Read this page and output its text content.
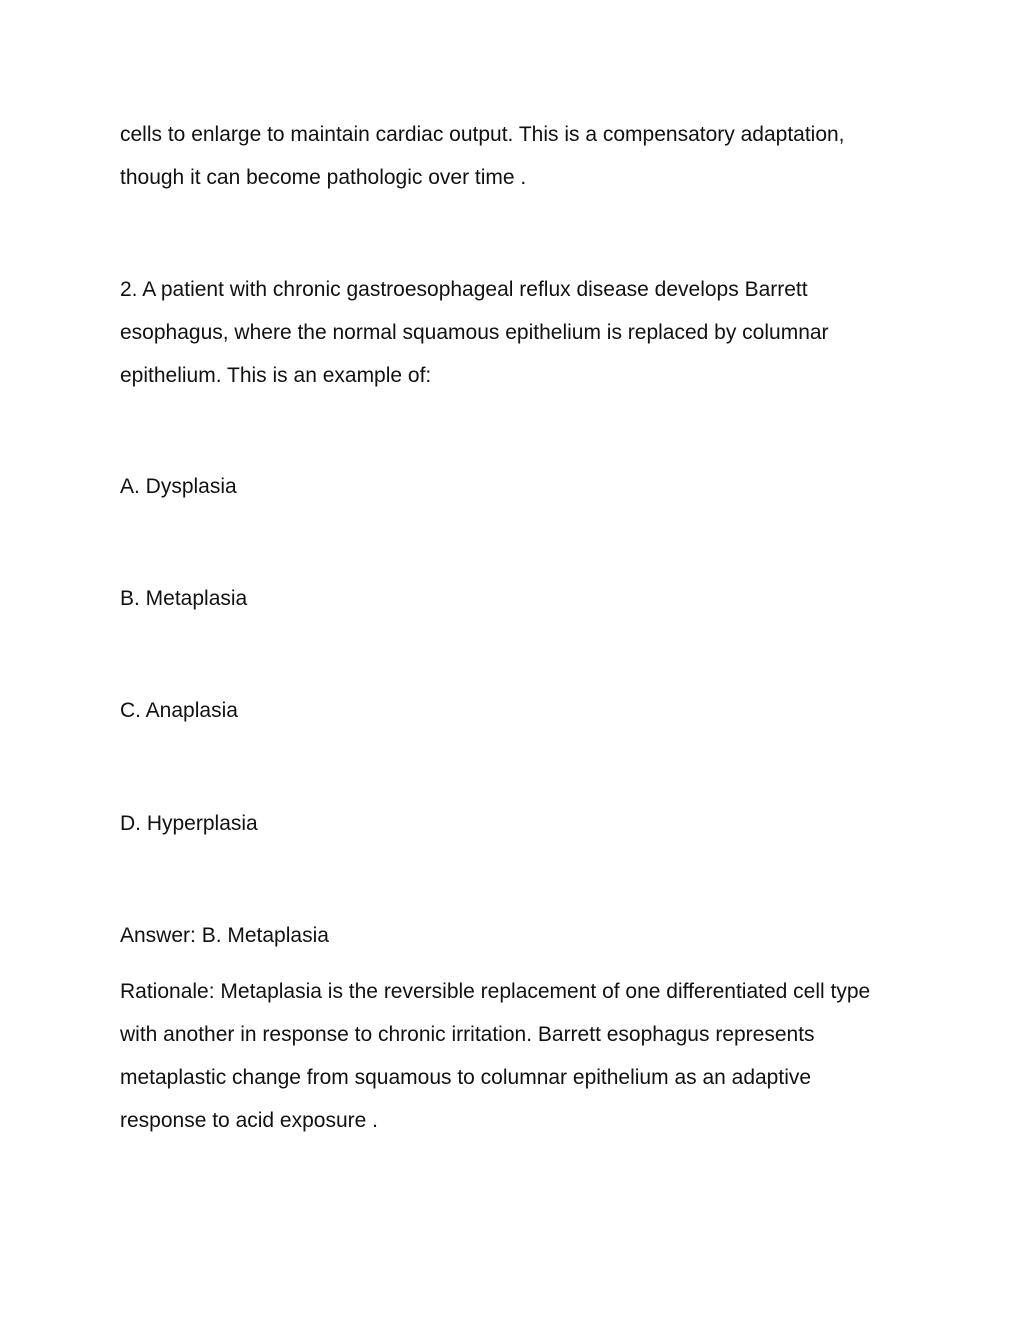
cells to enlarge to maintain cardiac output. This is a compensatory adaptation,
though it can become pathologic over time .

2. A patient with chronic gastroesophageal reflux disease develops Barrett
esophagus, where the normal squamous epithelium is replaced by columnar
epithelium. This is an example of:

A. Dysplasia

B. Metaplasia

C. Anaplasia

D. Hyperplasia

Answer: B. Metaplasia

Rationale: Metaplasia is the reversible replacement of one differentiated cell type
with another in response to chronic irritation. Barrett esophagus represents
metaplastic change from squamous to columnar epithelium as an adaptive
response to acid exposure .
